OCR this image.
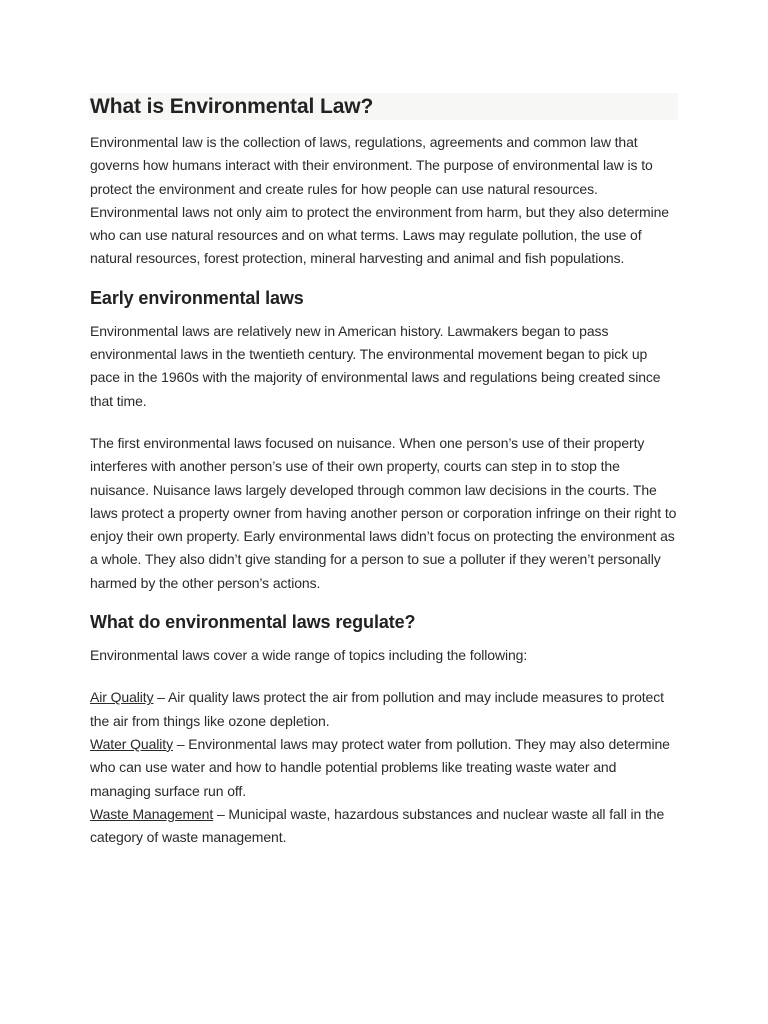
What is Environmental Law?

Environmental law is the collection of laws, regulations, agreements and common law that governs how humans interact with their environment. The purpose of environmental law is to protect the environment and create rules for how people can use natural resources. Environmental laws not only aim to protect the environment from harm, but they also determine who can use natural resources and on what terms. Laws may regulate pollution, the use of natural resources, forest protection, mineral harvesting and animal and fish populations.

Early environmental laws

Environmental laws are relatively new in American history. Lawmakers began to pass environmental laws in the twentieth century. The environmental movement began to pick up pace in the 1960s with the majority of environmental laws and regulations being created since that time.

The first environmental laws focused on nuisance. When one person’s use of their property interferes with another person’s use of their own property, courts can step in to stop the nuisance. Nuisance laws largely developed through common law decisions in the courts. The laws protect a property owner from having another person or corporation infringe on their right to enjoy their own property. Early environmental laws didn’t focus on protecting the environment as a whole. They also didn’t give standing for a person to sue a polluter if they weren’t personally harmed by the other person’s actions.

What do environmental laws regulate?

Environmental laws cover a wide range of topics including the following:

Air Quality – Air quality laws protect the air from pollution and may include measures to protect the air from things like ozone depletion.

Water Quality – Environmental laws may protect water from pollution. They may also determine who can use water and how to handle potential problems like treating waste water and managing surface run off.

Waste Management – Municipal waste, hazardous substances and nuclear waste all fall in the category of waste management.
